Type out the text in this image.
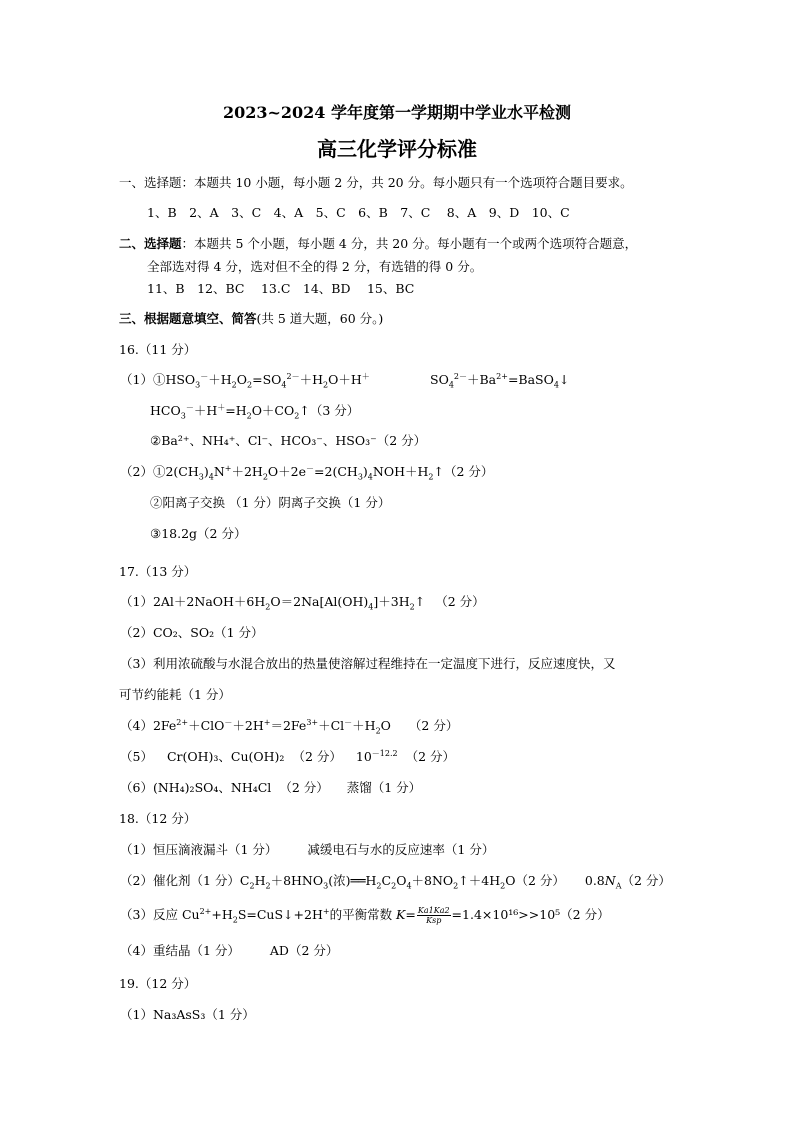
2023~2024 学年度第一学期期中学业水平检测
高三化学评分标准
一、选择题：本题共 10 小题，每小题 2 分，共 20 分。每小题只有一个选项符合题目要求。
1、B　2、A　3、C　4、A　5、C　6、B　7、C　 8、A　9、D　10、C
二、选择题：本题共 5 个小题，每小题 4 分，共 20 分。每小题有一个或两个选项符合题意，
全部选对得 4 分，选对但不全的得 2 分，有选错的得 0 分。
11、B　12、BC　 13.C　14、BD　 15、BC
三、根据题意填空、简答(共 5 道大题，60 分。)
16.（11 分）
$(1)①HSO_3^-+H_2O_2=SO_4^{2-}+H_2O+H^+$	$SO_4^{2-}+Ba^{2+}=BaSO_4↓$
$HCO_3^-+H^+=H_2O+CO_2↑(3$ 分）
②Ba²⁺、NH₄⁺、Cl⁻、HCO₃⁻、HSO₃⁻（2 分）
$(2)①2(CH_3)_4N^++2H_2O+2e^-=2(CH_3)_4NOH+H_2↑(2$ 分）
②阳离子交换 （1 分）阴离子交换（1 分）
③18.2g（2 分）
17.（13 分）
$(1)2Al+2NaOH+6H_2O=2Na[Al(OH)_4]+3H_2↑$ （2 分）
（2）CO₂、SO₂（1 分）
（3）利用浓硫酸与水混合放出的热量使溶解过程维持在一定温度下进行，反应速度快，又
可节约能耗（1 分）
$(4)2Fe^{2+}+ClO^-+2H^+=2Fe^{3+}+Cl^-+H_2O$ （2 分）
（5） Cr(OH)₃、Cu(OH)₂ （2 分） $10^{-12.2}$ （2 分）
（6）(NH₄)₂SO₄、NH₄Cl （2 分） 蒸馏（1 分）
18.（12 分）
（1）恒压滴液漏斗（1 分） 减缓电石与水的反应速率（1 分）
（2）催化剂（1 分）$C_2H_2+8HNO_3$(浓)$══H_2C_2O_4+8NO_2↑+4H_2O(2$ 分） $0.8N_A(2$ 分）
（3）反应 $Cu^{2+}+H_2S=CuS↓+2H^+$的平衡常数 $K= \frac{Ka1Ka2}{\text{Ksp}} =1.4\times 10^{16}>>10^5(2$ 分）
（4）重结晶（1 分） AD（2 分）
19.（12 分）
（1）Na₃AsS₃（1 分）
